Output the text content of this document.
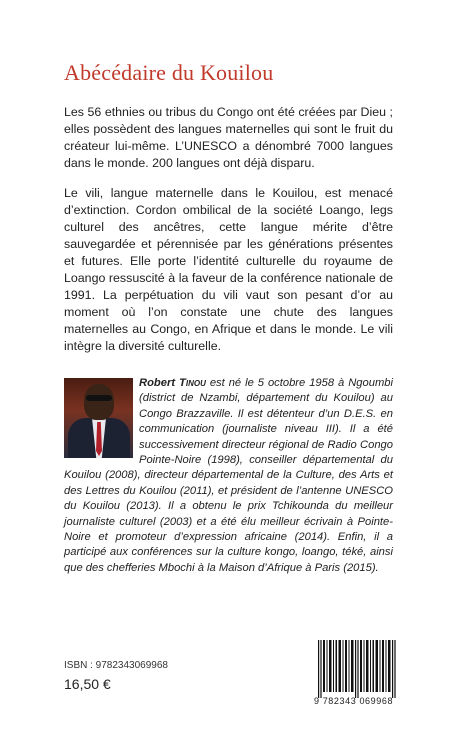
Abécédaire du Kouilou

Les 56 ethnies ou tribus du Congo ont été créées par Dieu ; elles possèdent des langues maternelles qui sont le fruit du créateur lui-même. L’UNESCO a dénombré 7000 langues dans le monde. 200 langues ont déjà disparu.

Le vili, langue maternelle dans le Kouilou, est menacé d’extinction. Cordon ombilical de la société Loango, legs culturel des ancêtres, cette langue mérite d’être sauvegardée et pérennisée par les générations présentes et futures. Elle porte l’identité culturelle du royaume de Loango ressuscité à la faveur de la conférence nationale de 1991. La perpétuation du vili vaut son pesant d’or au moment où l’on constate une chute des langues maternelles au Congo, en Afrique et dans le monde. Le vili intègre la diversité culturelle.

Robert Tinou est né le 5 octobre 1958 à Ngoumbi (district de Nzambi, département du Kouilou) au Congo Brazzaville. Il est détenteur d’un D.E.S. en communication (journaliste niveau III). Il a été successivement directeur régional de Radio Congo Pointe-Noire (1998), conseiller départemental du Kouilou (2008), directeur départemental de la Culture, des Arts et des Lettres du Kouilou (2011), et président de l’antenne UNESCO du Kouilou (2013). Il a obtenu le prix Tchikounda du meilleur journaliste culturel (2003) et a été élu meilleur écrivain à Pointe-Noire et promoteur d’expression africaine (2014). Enfin, il a participé aux conférences sur la culture kongo, loango, téké, ainsi que des chefferies Mbochi à la Maison d’Afrique à Paris (2015).

ISBN : 9782343069968
16,50 €
9 782343 069968
